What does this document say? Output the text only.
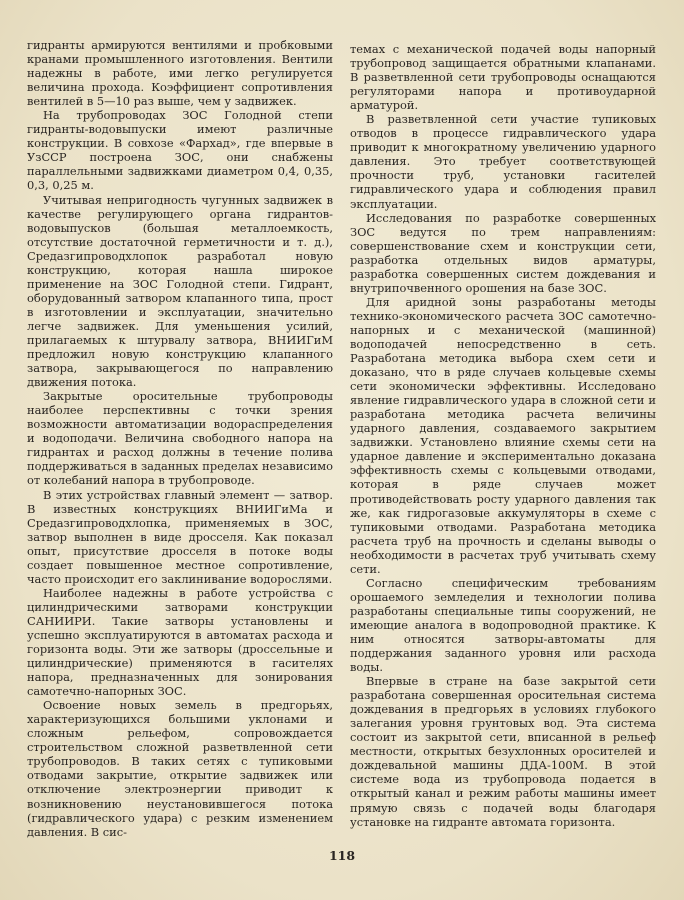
гидранты армируются вентилями и пробковыми кранами промышленного изготовления. Вентили надежны в работе, ими легко регулируется величина прохода. Коэффициент сопротивления вентилей в 5—10 раз выше, чем у задвижек.

На трубопроводах ЗОС Голодной степи гидранты-водовыпуски имеют различные конструкции. В совхозе «Фархад», где впервые в УзССР построена ЗОС, они снабжены параллельными задвижками диаметром 0,4, 0,35, 0,3, 0,25 м.

Учитывая непригодность чугунных задвижек в качестве регулирующего органа гидрантов-водовыпусков (большая металлоемкость, отсутствие достаточной герметичности и т. д.), Средазгипроводхлопок разработал новую конструкцию, которая нашла широкое применение на ЗОС Голодной степи. Гидрант, оборудованный затвором клапанного типа, прост в изготовлении и эксплуатации, значительно легче задвижек. Для уменьшения усилий, прилагаемых к штурвалу затвора, ВНИИГиМ предложил новую конструкцию клапанного затвора, закрывающегося по направлению движения потока.

Закрытые оросительные трубопроводы наиболее перспективны с точки зрения возможности автоматизации водораспределения и водоподачи. Величина свободного напора на гидрантах и расход должны в течение полива поддерживаться в заданных пределах независимо от колебаний напора в трубопроводе.

В этих устройствах главный элемент — затвор. В известных конструкциях ВНИИГиМа и Средазгипроводхлопка, применяемых в ЗОС, затвор выполнен в виде дросселя. Как показал опыт, присутствие дросселя в потоке воды создает повышенное местное сопротивление, часто происходит его заклинивание водорослями.

Наиболее надежны в работе устройства с цилиндрическими затворами конструкции САНИИРИ. Такие затворы установлены и успешно эксплуатируются в автоматах расхода и горизонта воды. Эти же затворы (дроссельные и цилиндрические) применяются в гасителях напора, предназначенных для зонирования самотечно-напорных ЗОС.

Освоение новых земель в предгорьях, характеризующихся большими уклонами и сложным рельефом, сопровождается строительством сложной разветвленной сети трубопроводов. В таких сетях с тупиковыми отводами закрытие, открытие задвижек или отключение электроэнергии приводит к возникновению неустановившегося потока (гидравлического удара) с резким изменением давления. В сис-

темах с механической подачей воды напорный трубопровод защищается обратными клапанами. В разветвленной сети трубопроводы оснащаются регуляторами напора и противоударной арматурой.

В разветвленной сети участие тупиковых отводов в процессе гидравлического удара приводит к многократному увеличению ударного давления. Это требует соответствующей прочности труб, установки гасителей гидравлического удара и соблюдения правил эксплуатации.

Исследования по разработке совершенных ЗОС ведутся по трем направлениям: совершенствование схем и конструкции сети, разработка отдельных видов арматуры, разработка совершенных систем дождевания и внутрипочвенного орошения на базе ЗОС.

Для аридной зоны разработаны методы технико-экономического расчета ЗОС самотечно-напорных и с механической (машинной) водоподачей непосредственно в сеть. Разработана методика выбора схем сети и доказано, что в ряде случаев кольцевые схемы сети экономически эффективны. Исследовано явление гидравлического удара в сложной сети и разработана методика расчета величины ударного давления, создаваемого закрытием задвижки. Установлено влияние схемы сети на ударное давление и экспериментально доказана эффективность схемы с кольцевыми отводами, которая в ряде случаев может противодействовать росту ударного давления так же, как гидрогазовые аккумуляторы в схеме с тупиковыми отводами. Разработана методика расчета труб на прочность и сделаны выводы о необходимости в расчетах труб учитывать схему сети.

Согласно специфическим требованиям орошаемого земледелия и технологии полива разработаны специальные типы сооружений, не имеющие аналога в водопроводной практике. К ним относятся затворы-автоматы для поддержания заданного уровня или расхода воды.

Впервые в стране на базе закрытой сети разработана совершенная оросительная система дождевания в предгорьях в условиях глубокого залегания уровня грунтовых вод. Эта система состоит из закрытой сети, вписанной в рельеф местности, открытых безухлонных оросителей и дождевальной машины ДДА-100М. В этой системе вода из трубопровода подается в открытый канал и режим работы машины имеет прямую связь с подачей воды благодаря установке на гидранте автомата горизонта.

118
